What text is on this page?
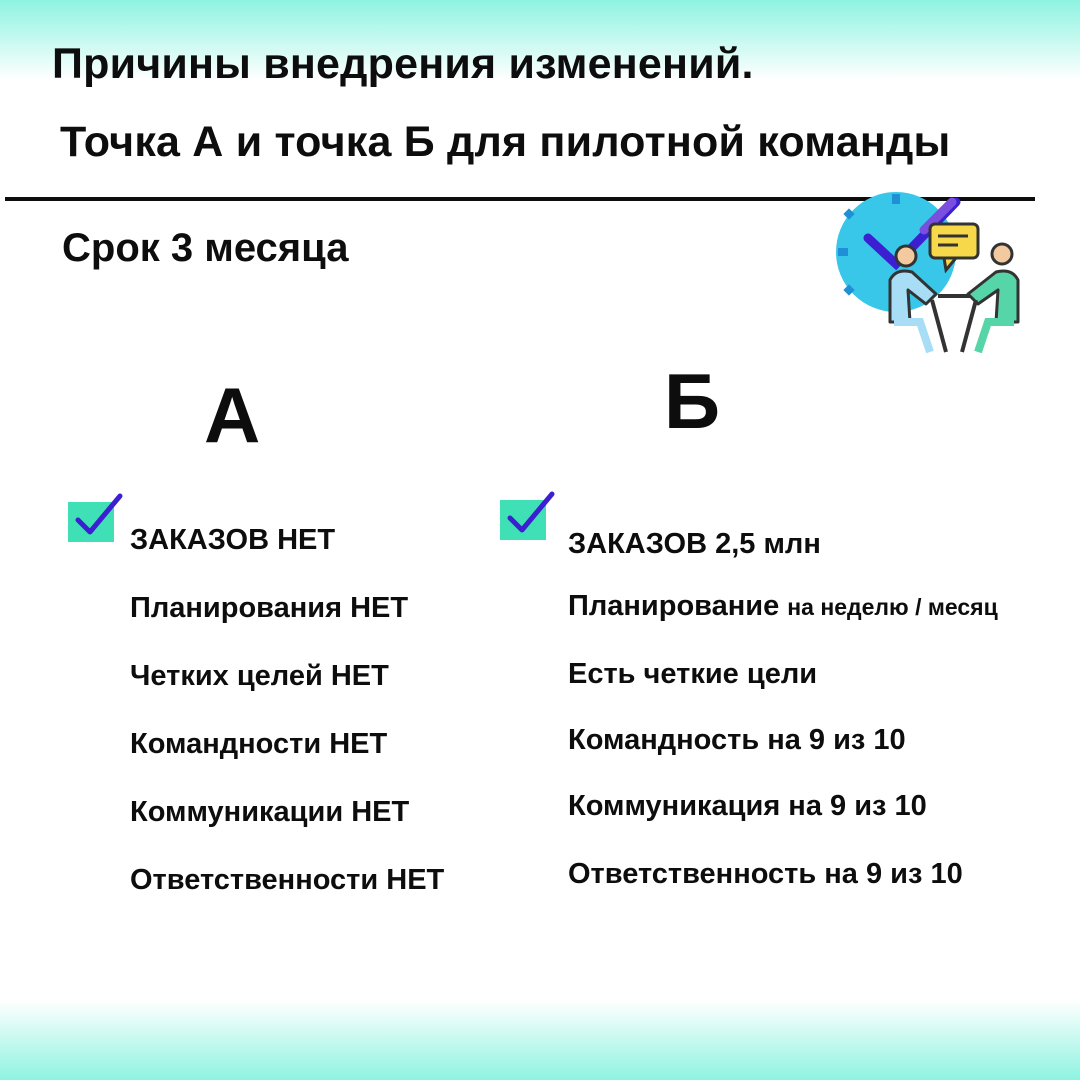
Причины внедрения изменений.
Точка А и точка Б для пилотной команды
Срок 3 месяца
А	Б
ЗАКАЗОВ НЕТ
Планирования НЕТ
Четких целей НЕТ
Командности НЕТ
Коммуникации НЕТ
Ответственности НЕТ
ЗАКАЗОВ 2,5 млн
Планирование на неделю / месяц
Есть четкие цели
Командность на 9 из 10
Коммуникация на 9 из 10
Ответственность на 9 из 10
